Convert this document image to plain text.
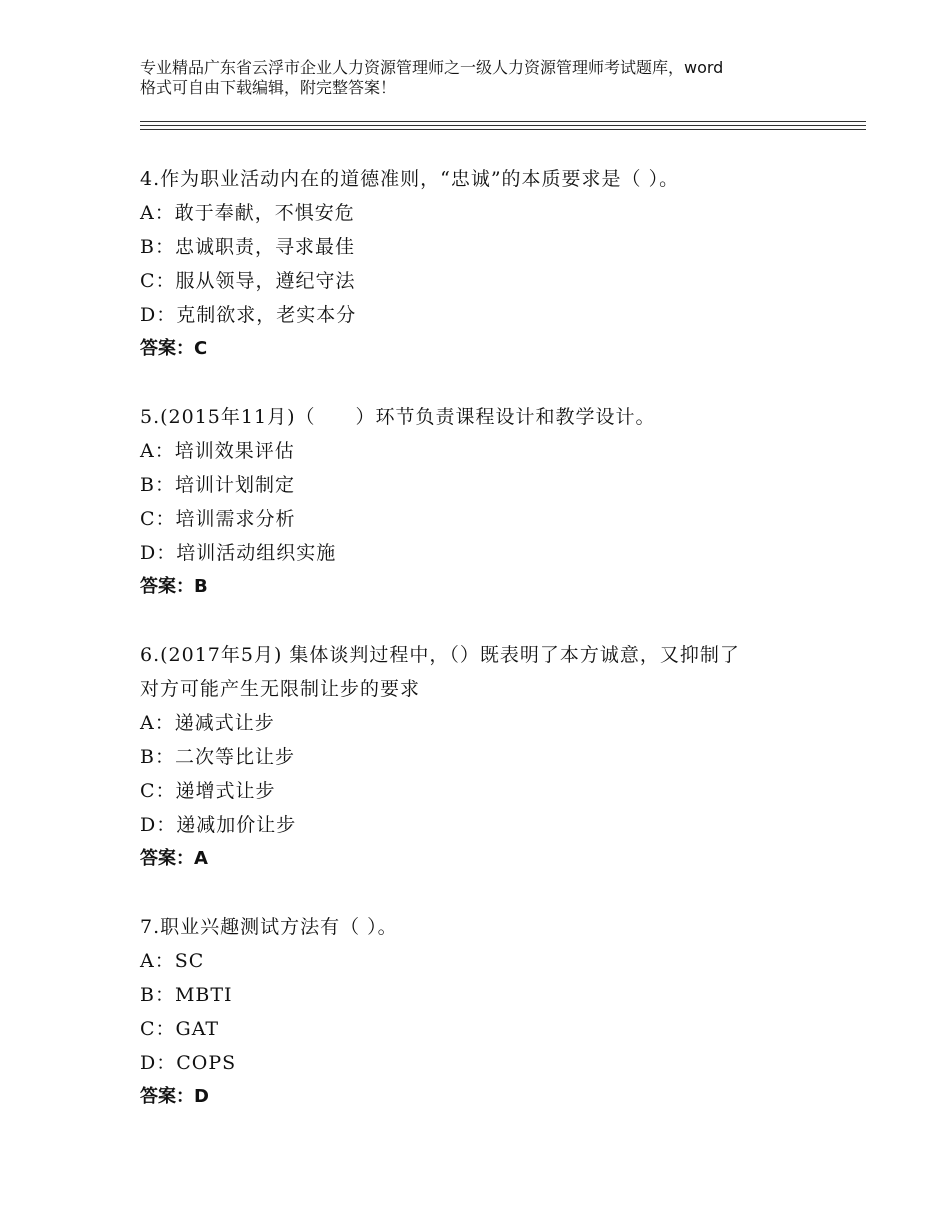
专业精品广东省云浮市企业人力资源管理师之一级人力资源管理师考试题库，word
格式可自由下载编辑，附完整答案！
4.作为职业活动内在的道德准则，“忠诚”的本质要求是（ ）。
A：敢于奉献，不惧安危
B：忠诚职责，寻求最佳
C：服从领导，遵纪守法
D：克制欲求，老实本分
答案：C
5.(2015年11月)（　　）环节负责课程设计和教学设计。
A：培训效果评估
B：培训计划制定
C：培训需求分析
D：培训活动组织实施
答案：B
6.(2017年5月) 集体谈判过程中，（）既表明了本方诚意，又抑制了
对方可能产生无限制让步的要求
A：递减式让步
B：二次等比让步
C：递增式让步
D：递减加价让步
答案：A
7.职业兴趣测试方法有（ ）。
A：SC
B：MBTI
C：GAT
D：COPS
答案：D
